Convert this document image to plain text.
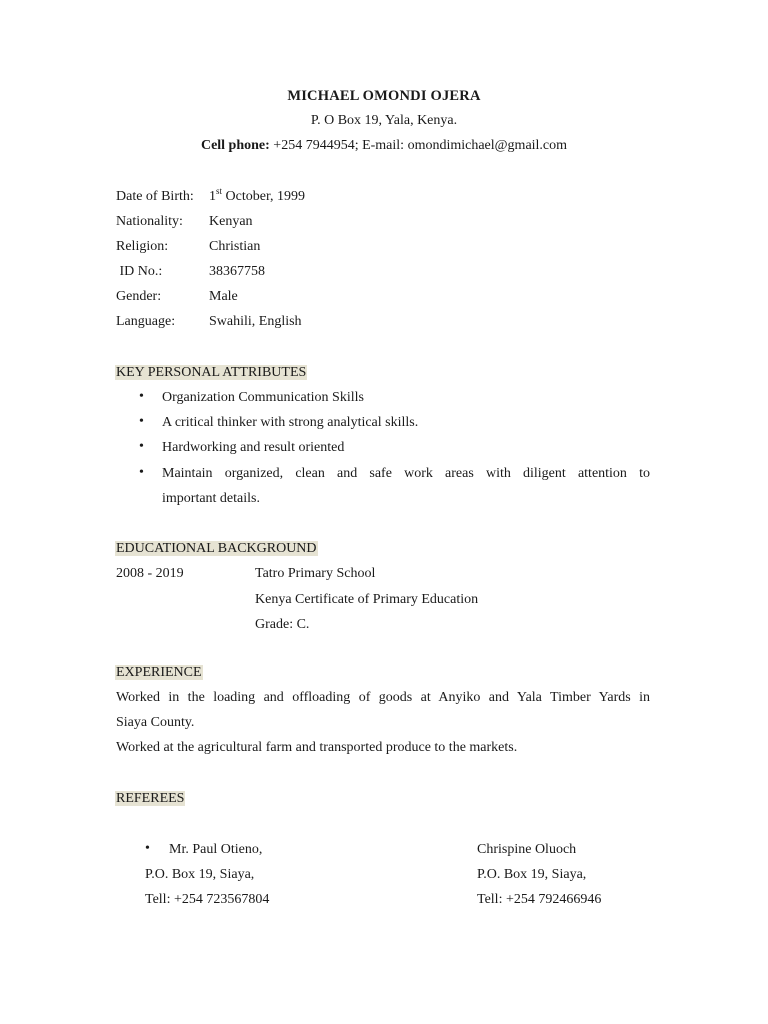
MICHAEL OMONDI OJERA
P. O Box 19, Yala, Kenya.
Cell phone: +254 7944954; E-mail: omondimichael@gmail.com
Date of Birth: 1st October, 1999
Nationality: Kenyan
Religion:	Christian
ID No.:	38367758
Gender:	Male
Language: Swahili, English
KEY PERSONAL ATTRIBUTES
• Organization Communication Skills
• A critical thinker with strong analytical skills.
• Hardworking and result oriented
• Maintain organized, clean and safe work areas with diligent attention to
important details.
EDUCATIONAL BACKGROUND
2008 - 2019	Tatro Primary School
Kenya Certificate of Primary Education
Grade: C.
EXPERIENCE
Worked in the loading and offloading of goods at Anyiko and Yala Timber Yards in
Siaya County.
Worked at the agricultural farm and transported produce to the markets.
REFEREES
• Mr. Paul Otieno,
P.O. Box 19, Siaya,
Tell: +254 723567804
Chrispine Oluoch
P.O. Box 19, Siaya,
Tell: +254 792466946
